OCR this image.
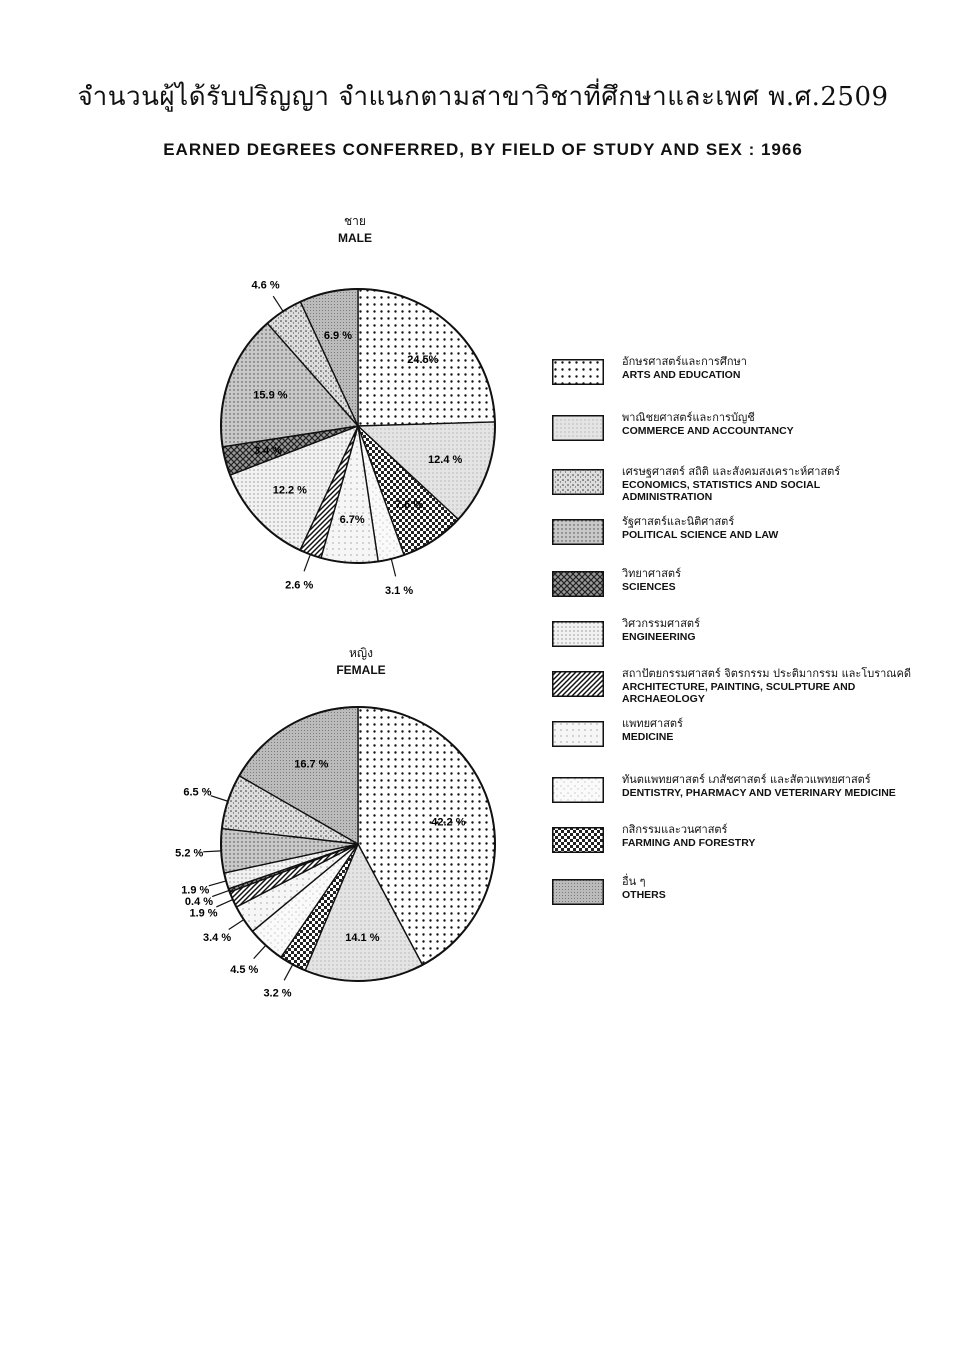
จำนวนผู้ได้รับปริญญา จำแนกตามสาขาวิชาที่ศึกษาและเพศ พ.ศ.2509
EARNED DEGREES CONFERRED, BY FIELD OF STUDY AND SEX : 1966
ชาย
MALE
หญิง
FEMALE
24.5%
12.4 %
7.6 %
3.1 %
6.7%
2.6 %
12.2 %
3.4 %
15.9 %
4.6 %
6.9 %
42.2 %
14.1 %
3.2 %
4.5 %
3.4 %
1.9 %
0.4 %
1.9 %
5.2 %
6.5 %
16.7 %
อักษรศาสตร์และการศึกษา
ARTS AND EDUCATION
พาณิชยศาสตร์และการบัญชี
COMMERCE AND ACCOUNTANCY
เศรษฐศาสตร์ สถิติ และสังคมสงเคราะห์ศาสตร์
ECONOMICS, STATISTICS AND SOCIAL ADMINISTRATION
รัฐศาสตร์และนิติศาสตร์
POLITICAL SCIENCE AND LAW
วิทยาศาสตร์
SCIENCES
วิศวกรรมศาสตร์
ENGINEERING
สถาปัตยกรรมศาสตร์ จิตรกรรม ประติมากรรม และโบราณคดี
ARCHITECTURE, PAINTING, SCULPTURE AND ARCHAEOLOGY
แพทยศาสตร์
MEDICINE
ทันตแพทยศาสตร์ เภสัชศาสตร์ และสัตวแพทยศาสตร์
DENTISTRY, PHARMACY AND VETERINARY MEDICINE
กสิกรรมและวนศาสตร์
FARMING AND FORESTRY
อื่น ๆ
OTHERS
